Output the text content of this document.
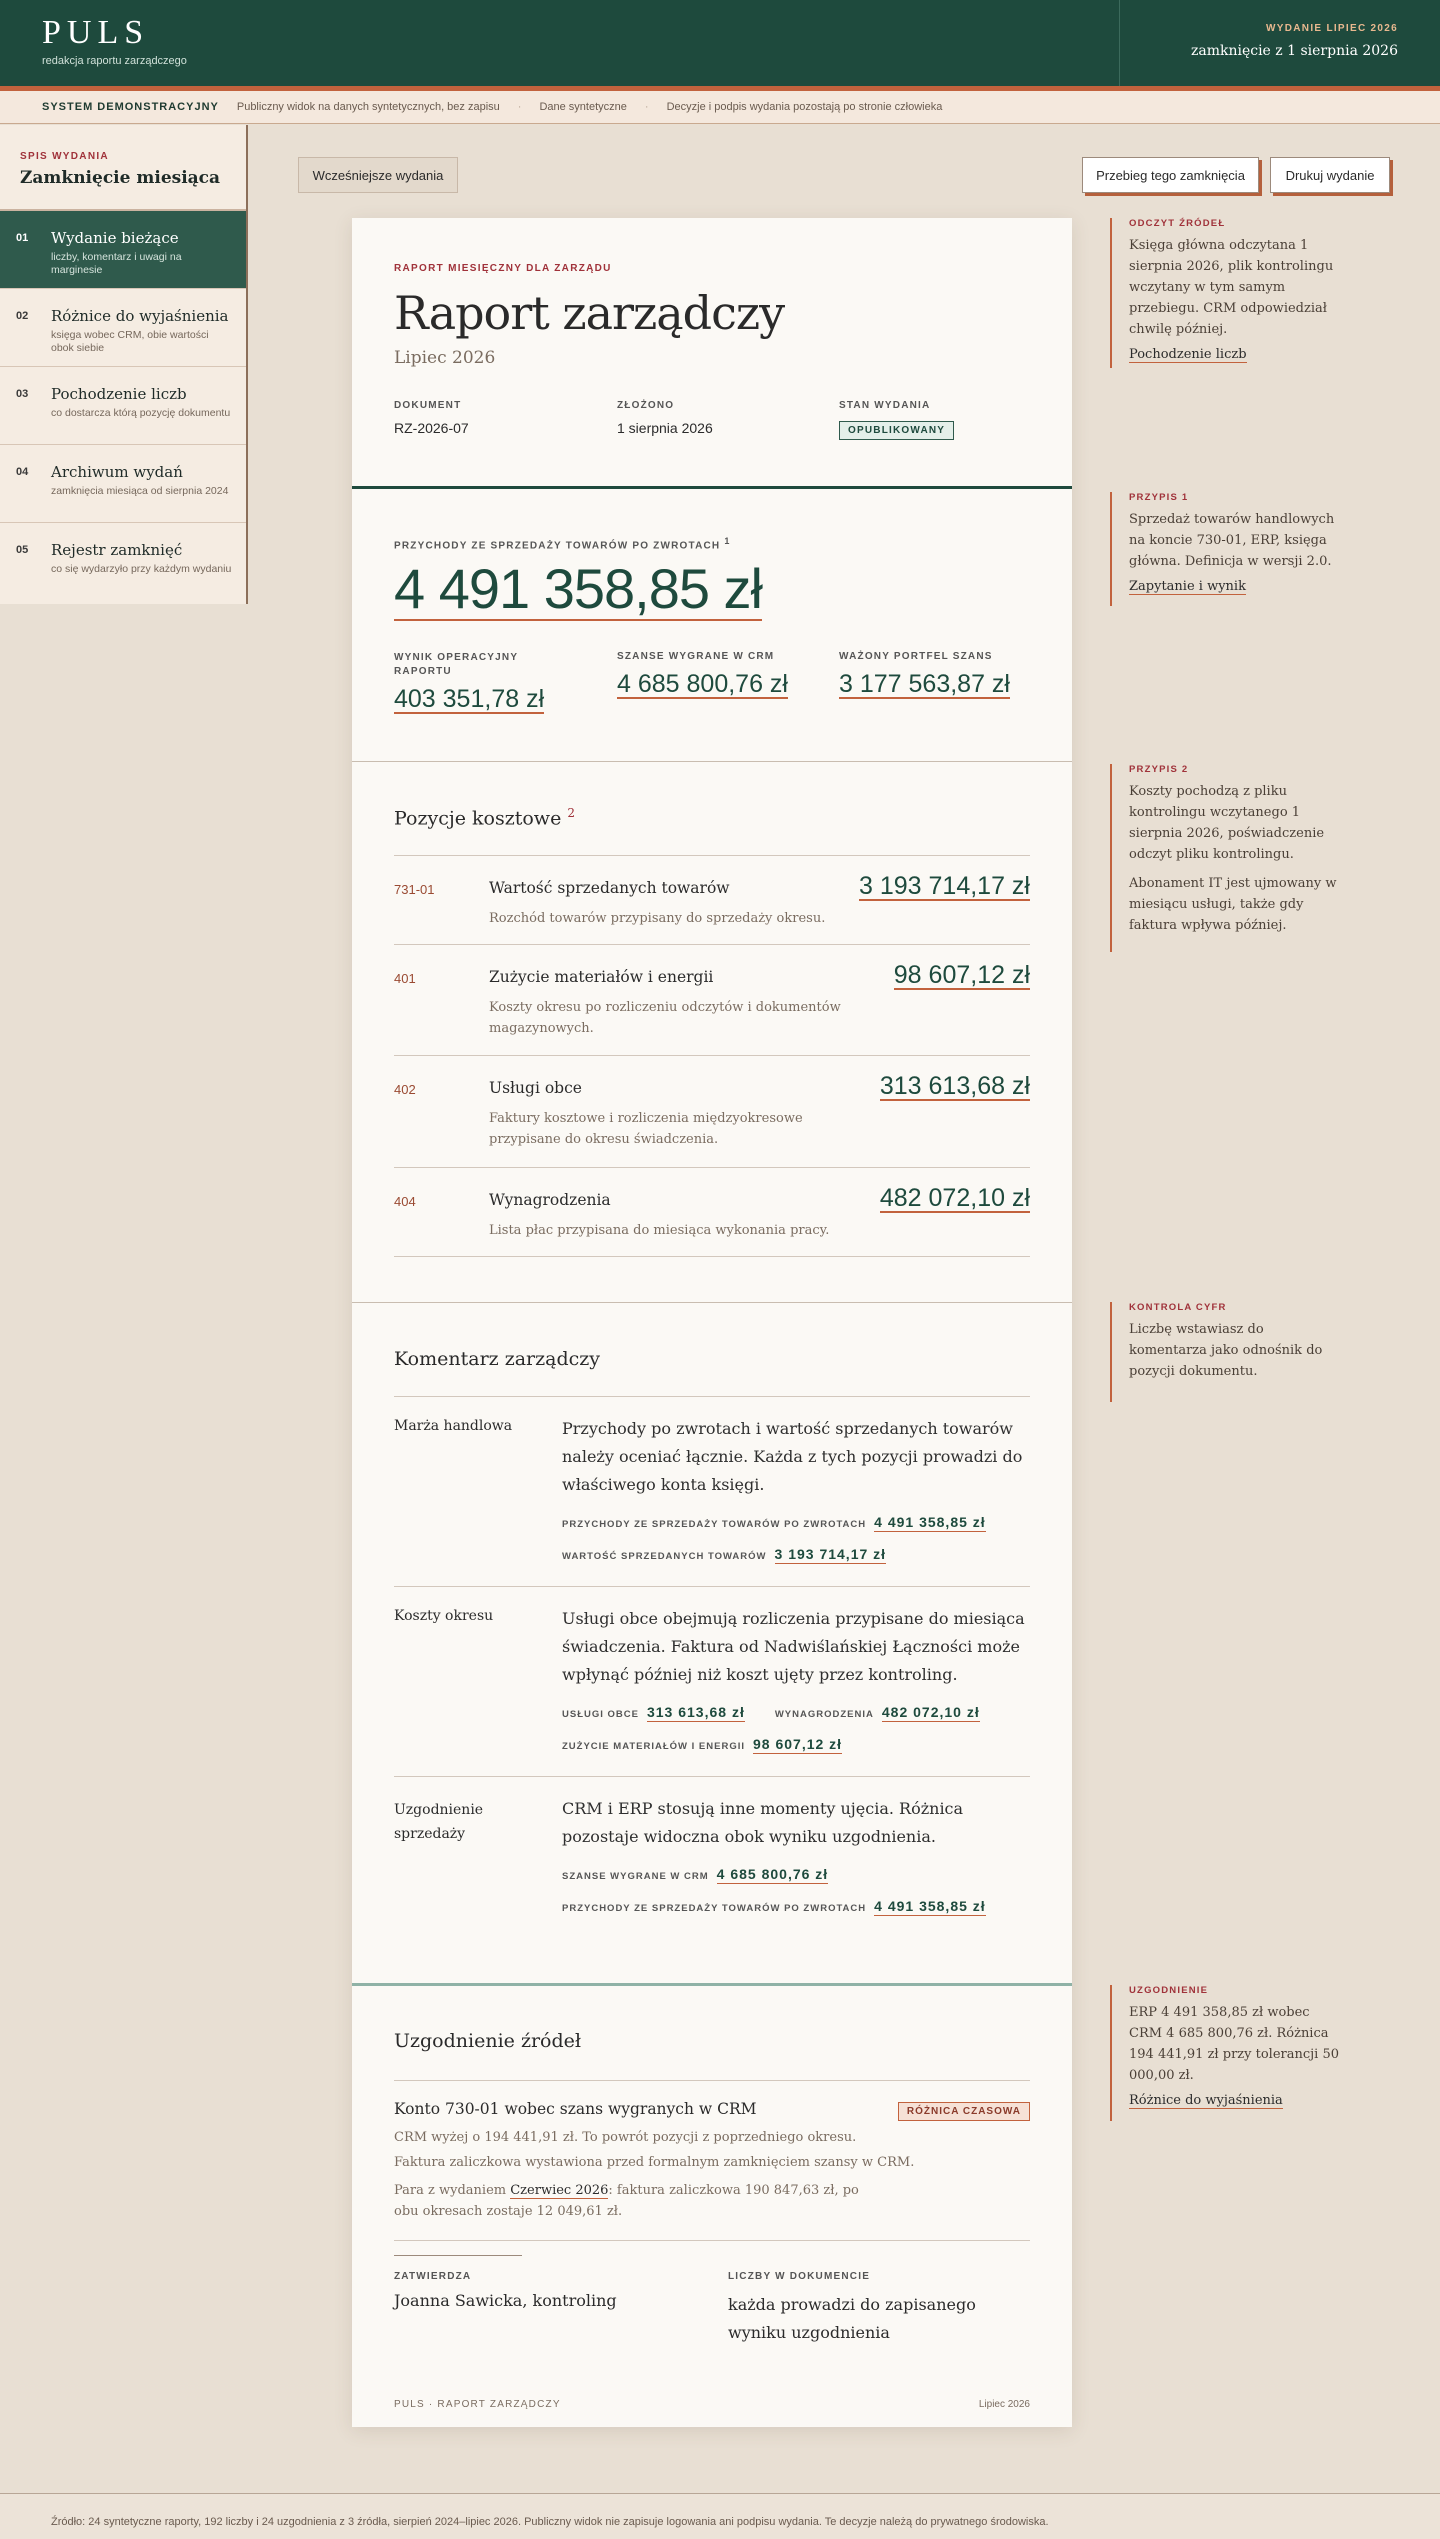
PULS
redakcja raportu zarządczego
WYDANIE LIPIEC 2026
zamknięcie z 1 sierpnia 2026
SYSTEM DEMONSTRACYJNY Publiczny widok na danych syntetycznych, bez zapisu · Dane syntetyczne · Decyzje i podpis wydania pozostają po stronie człowieka
SPIS WYDANIA
Zamknięcie miesiąca
01 Wydanie bieżące
liczby, komentarz i uwagi na marginesie
02 Różnice do wyjaśnienia
księga wobec CRM, obie wartości obok siebie
03 Pochodzenie liczb
co dostarcza którą pozycję dokumentu
04 Archiwum wydań
zamknięcia miesiąca od sierpnia 2024
05 Rejestr zamknięć
co się wydarzyło przy każdym wydaniu
Wcześniejsze wydania	Przebieg tego zamknięcia	Drukuj wydanie
RAPORT MIESIĘCZNY DLA ZARZĄDU
Raport zarządczy
Lipiec 2026
DOKUMENT
RZ-2026-07
ZŁOŻONO
1 sierpnia 2026
STAN WYDANIA
OPUBLIKOWANY
PRZYCHODY ZE SPRZEDAŻY TOWARÓW PO ZWROTACH $^1$
4 491 358,85 zł
WYNIK OPERACYJNY RAPORTU
403 351,78 zł
SZANSE WYGRANE W CRM
4 685 800,76 zł
WAŻONY PORTFEL SZANS
3 177 563,87 zł
Pozycje kosztowe $^2$
731-01	Wartość sprzedanych towarów
Rozchód towarów przypisany do sprzedaży okresu.
3 193 714,17 zł
401	Zużycie materiałów i energii
Koszty okresu po rozliczeniu odczytów i dokumentów magazynowych.
98 607,12 zł
402	Usługi obce
Faktury kosztowe i rozliczenia międzyokresowe przypisane do okresu świadczenia.
313 613,68 zł
404	Wynagrodzenia
Lista płac przypisana do miesiąca wykonania pracy.
482 072,10 zł
Komentarz zarządczy
Marża handlowa	Przychody po zwrotach i wartość sprzedanych towarów należy oceniać łącznie. Każda z tych pozycji prowadzi do właściwego konta księgi.
PRZYCHODY ZE SPRZEDAŻY TOWARÓW PO ZWROTACH 4 491 358,85 zł
WARTOŚĆ SPRZEDANYCH TOWARÓW 3 193 714,17 zł
Koszty okresu	Usługi obce obejmują rozliczenia przypisane do miesiąca świadczenia. Faktura od Nadwiślańskiej Łączności może wpłynąć później niż koszt ujęty przez kontroling.
USŁUGI OBCE 313 613,68 zł	WYNAGRODZENIA 482 072,10 zł
ZUŻYCIE MATERIAŁÓW I ENERGII 98 607,12 zł
Uzgodnienie sprzedaży
CRM i ERP stosują inne momenty ujęcia. Różnica pozostaje widoczna obok wyniku uzgodnienia.
SZANSE WYGRANE W CRM 4 685 800,76 zł
PRZYCHODY ZE SPRZEDAŻY TOWARÓW PO ZWROTACH 4 491 358,85 zł
Uzgodnienie źródeł
Konto 730-01 wobec szans wygranych w CRM	RÓŻNICA CZASOWA
CRM wyżej o 194 441,91 zł. To powrót pozycji z poprzedniego okresu.
Faktura zaliczkowa wystawiona przed formalnym zamknięciem szansy w CRM.
Para z wydaniem Czerwiec 2026: faktura zaliczkowa 190 847,63 zł, po obu okresach zostaje 12 049,61 zł.
ZATWIERDZA
Joanna Sawicka, kontroling
LICZBY W DOKUMENCIE
każda prowadzi do zapisanego wyniku uzgodnienia
PULS · RAPORT ZARZĄDCZY	Lipiec 2026
ODCZYT ŹRÓDEŁ
Księga główna odczytana 1 sierpnia 2026, plik kontrolingu wczytany w tym samym przebiegu. CRM odpowiedział chwilę później.
Pochodzenie liczb
PRZYPIS 1
Sprzedaż towarów handlowych na koncie 730-01, ERP, księga główna. Definicja w wersji 2.0.
Zapytanie i wynik
PRZYPIS 2
Koszty pochodzą z pliku kontrolingu wczytanego 1 sierpnia 2026, poświadczenie odczyt pliku kontrolingu.
Abonament IT jest ujmowany w miesiącu usługi, także gdy faktura wpływa później.
KONTROLA CYFR
Liczbę wstawiasz do komentarza jako odnośnik do pozycji dokumentu.
UZGODNIENIE
ERP 4 491 358,85 zł wobec CRM 4 685 800,76 zł. Różnica 194 441,91 zł przy tolerancji 50 000,00 zł.
Różnice do wyjaśnienia
Źródło: 24 syntetyczne raporty, 192 liczby i 24 uzgodnienia z 3 źródła, sierpień 2024–lipiec 2026. Publiczny widok nie zapisuje logowania ani podpisu wydania. Te decyzje należą do prywatnego środowiska.
